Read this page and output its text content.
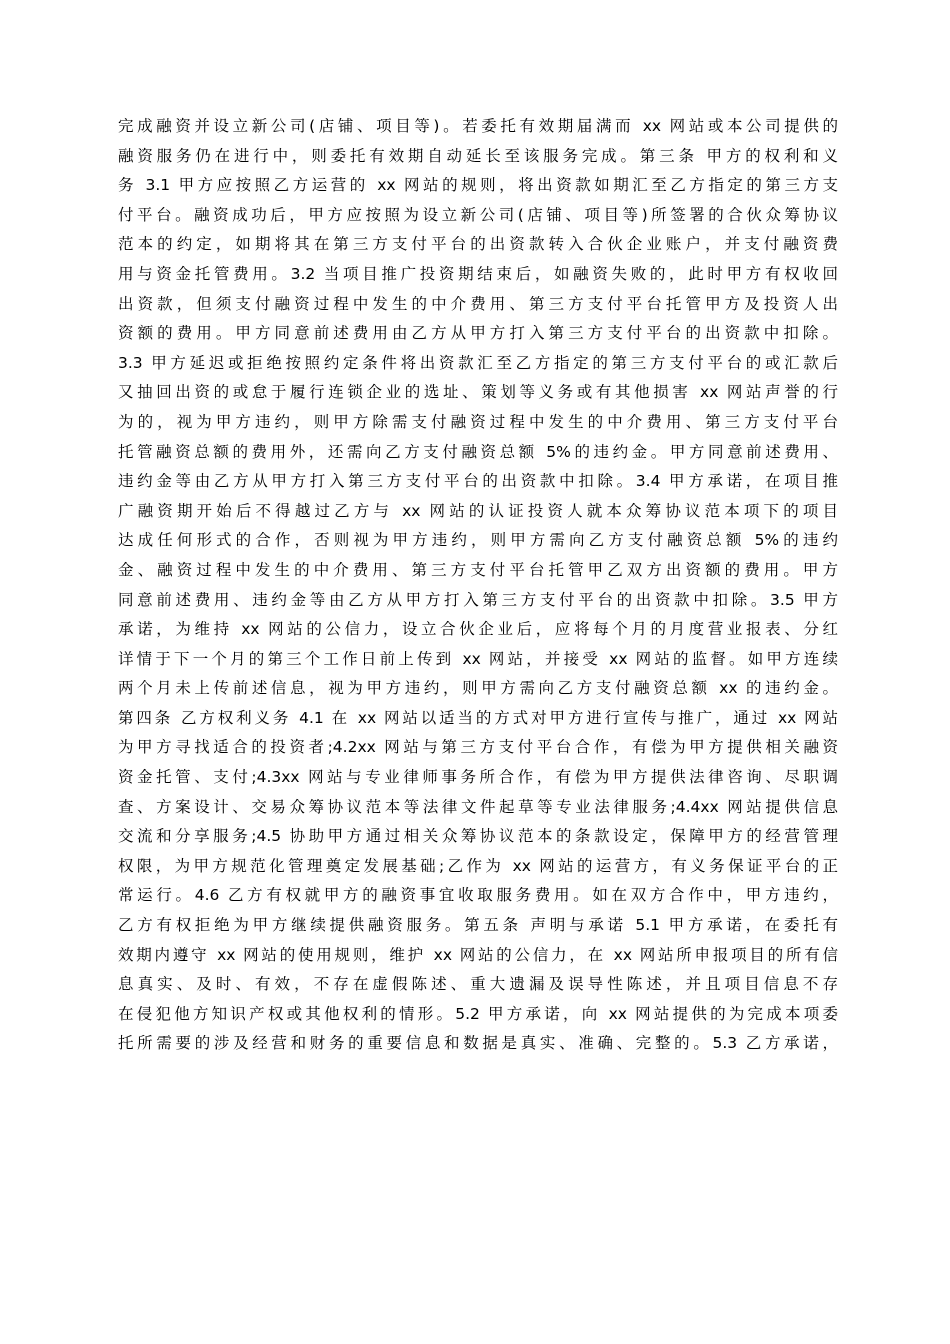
完成融资并设立新公司(店铺、项目等)。若委托有效期届满而 xx 网站或本公司提供的
融资服务仍在进行中，则委托有效期自动延长至该服务完成。第三条 甲方的权利和义
务 3.1 甲方应按照乙方运营的 xx 网站的规则，将出资款如期汇至乙方指定的第三方支
付平台。融资成功后，甲方应按照为设立新公司(店铺、项目等)所签署的合伙众筹协议
范本的约定，如期将其在第三方支付平台的出资款转入合伙企业账户，并支付融资费
用与资金托管费用。3.2 当项目推广投资期结束后，如融资失败的，此时甲方有权收回
出资款，但须支付融资过程中发生的中介费用、第三方支付平台托管甲方及投资人出
资额的费用。甲方同意前述费用由乙方从甲方打入第三方支付平台的出资款中扣除。
3.3 甲方延迟或拒绝按照约定条件将出资款汇至乙方指定的第三方支付平台的或汇款后
又抽回出资的或怠于履行连锁企业的选址、策划等义务或有其他损害 xx 网站声誉的行
为的，视为甲方违约，则甲方除需支付融资过程中发生的中介费用、第三方支付平台
托管融资总额的费用外，还需向乙方支付融资总额 5%的违约金。甲方同意前述费用、
违约金等由乙方从甲方打入第三方支付平台的出资款中扣除。3.4 甲方承诺，在项目推
广融资期开始后不得越过乙方与 xx 网站的认证投资人就本众筹协议范本项下的项目
达成任何形式的合作，否则视为甲方违约，则甲方需向乙方支付融资总额 5%的违约
金、融资过程中发生的中介费用、第三方支付平台托管甲乙双方出资额的费用。甲方
同意前述费用、违约金等由乙方从甲方打入第三方支付平台的出资款中扣除。3.5 甲方
承诺，为维持 xx 网站的公信力，设立合伙企业后，应将每个月的月度营业报表、分红
详情于下一个月的第三个工作日前上传到 xx 网站，并接受 xx 网站的监督。如甲方连续
两个月未上传前述信息，视为甲方违约，则甲方需向乙方支付融资总额 xx 的违约金。
第四条 乙方权利义务 4.1 在 xx 网站以适当的方式对甲方进行宣传与推广，通过 xx 网站
为甲方寻找适合的投资者;4.2xx 网站与第三方支付平台合作，有偿为甲方提供相关融资
资金托管、支付;4.3xx 网站与专业律师事务所合作，有偿为甲方提供法律咨询、尽职调
查、方案设计、交易众筹协议范本等法律文件起草等专业法律服务;4.4xx 网站提供信息
交流和分享服务;4.5 协助甲方通过相关众筹协议范本的条款设定，保障甲方的经营管理
权限，为甲方规范化管理奠定发展基础;乙作为 xx 网站的运营方，有义务保证平台的正
常运行。4.6 乙方有权就甲方的融资事宜收取服务费用。如在双方合作中，甲方违约，
乙方有权拒绝为甲方继续提供融资服务。第五条 声明与承诺 5.1 甲方承诺，在委托有
效期内遵守 xx 网站的使用规则，维护 xx 网站的公信力，在 xx 网站所申报项目的所有信
息真实、及时、有效，不存在虚假陈述、重大遗漏及误导性陈述，并且项目信息不存
在侵犯他方知识产权或其他权利的情形。5.2 甲方承诺，向 xx 网站提供的为完成本项委
托所需要的涉及经营和财务的重要信息和数据是真实、准确、完整的。5.3 乙方承诺，
